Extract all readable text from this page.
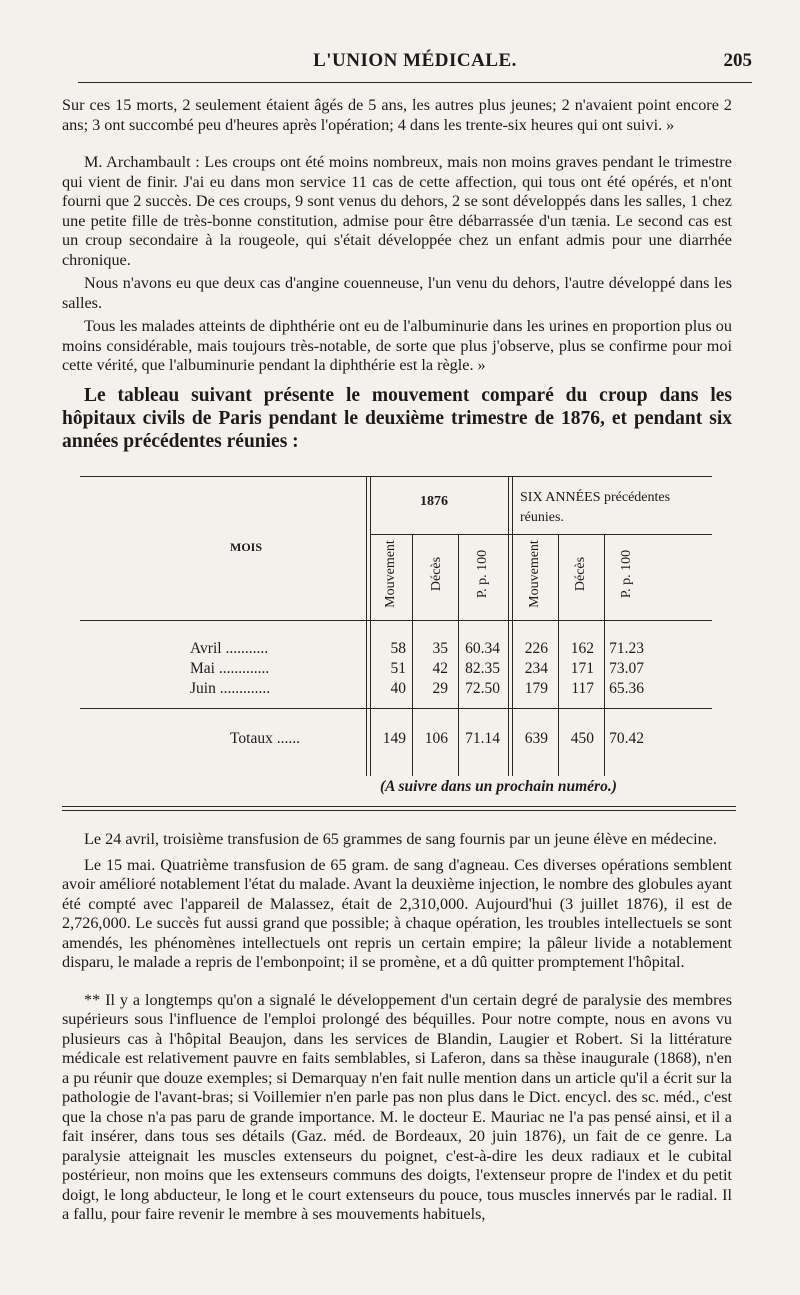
L'UNION MÉDICALE.	205

Sur ces 15 morts, 2 seulement étaient âgés de 5 ans, les autres plus jeunes; 2 n'avaient point encore 2 ans; 3 ont succombé peu d'heures après l'opération; 4 dans les trente-six heures qui ont suivi. »

M. Archambault : Les croups ont été moins nombreux, mais non moins graves pendant le trimestre qui vient de finir. J'ai eu dans mon service 11 cas de cette affection, qui tous ont été opérés, et n'ont fourni que 2 succès. De ces croups, 9 sont venus du dehors, 2 se sont développés dans les salles, 1 chez une petite fille de très-bonne constitution, admise pour être débarrassée d'un tænia. Le second cas est un croup secondaire à la rougeole, qui s'était développée chez un enfant admis pour une diarrhée chronique.

Nous n'avons eu que deux cas d'angine couenneuse, l'un venu du dehors, l'autre développé dans les salles.

Tous les malades atteints de diphthérie ont eu de l'albuminurie dans les urines en proportion plus ou moins considérable, mais toujours très-notable, de sorte que plus j'observe, plus se confirme pour moi cette vérité, que l'albuminurie pendant la diphthérie est la règle. »

Le tableau suivant présente le mouvement comparé du croup dans les hôpitaux civils de Paris pendant le deuxième trimestre de 1876, et pendant six années précédentes réunies :

1876	SIX ANNÉES précédentes réunies.
MOIS	Mouvement Décès P. p. 100	Mouvement Décès P. p. 100
Avril ...........	58	35	60.34	226	162 71.23
Mai .............	51	42	82.35	234	171 73.07
Juin .............	40	29	72.50	179	117 65.36
Totaux ......	149	106	71.14	639	450 70.42
(A suivre dans un prochain numéro.)

Le 24 avril, troisième transfusion de 65 grammes de sang fournis par un jeune élève en médecine.

Le 15 mai. Quatrième transfusion de 65 gram. de sang d'agneau. Ces diverses opérations semblent avoir amélioré notablement l'état du malade. Avant la deuxième injection, le nombre des globules ayant été compté avec l'appareil de Malassez, était de 2,310,000. Aujourd'hui (3 juillet 1876), il est de 2,726,000. Le succès fut aussi grand que possible; à chaque opération, les troubles intellectuels se sont amendés, les phénomènes intellectuels ont repris un certain empire; la pâleur livide a notablement disparu, le malade a repris de l'embonpoint; il se promène, et a dû quitter promptement l'hôpital.

** Il y a longtemps qu'on a signalé le développement d'un certain degré de paralysie des membres supérieurs sous l'influence de l'emploi prolongé des béquilles. Pour notre compte, nous en avons vu plusieurs cas à l'hôpital Beaujon, dans les services de Blandin, Laugier et Robert. Si la littérature médicale est relativement pauvre en faits semblables, si Laferon, dans sa thèse inaugurale (1868), n'en a pu réunir que douze exemples; si Demarquay n'en fait nulle mention dans un article qu'il a écrit sur la pathologie de l'avant-bras; si Voillemier n'en parle pas non plus dans le Dict. encycl. des sc. méd., c'est que la chose n'a pas paru de grande importance. M. le docteur E. Mauriac ne l'a pas pensé ainsi, et il a fait insérer, dans tous ses détails (Gaz. méd. de Bordeaux, 20 juin 1876), un fait de ce genre. La paralysie atteignait les muscles extenseurs du poignet, c'est-à-dire les deux radiaux et le cubital postérieur, non moins que les extenseurs communs des doigts, l'extenseur propre de l'index et du petit doigt, le long abducteur, le long et le court extenseurs du pouce, tous muscles innervés par le radial. Il a fallu, pour faire revenir le membre à ses mouvements habituels,
